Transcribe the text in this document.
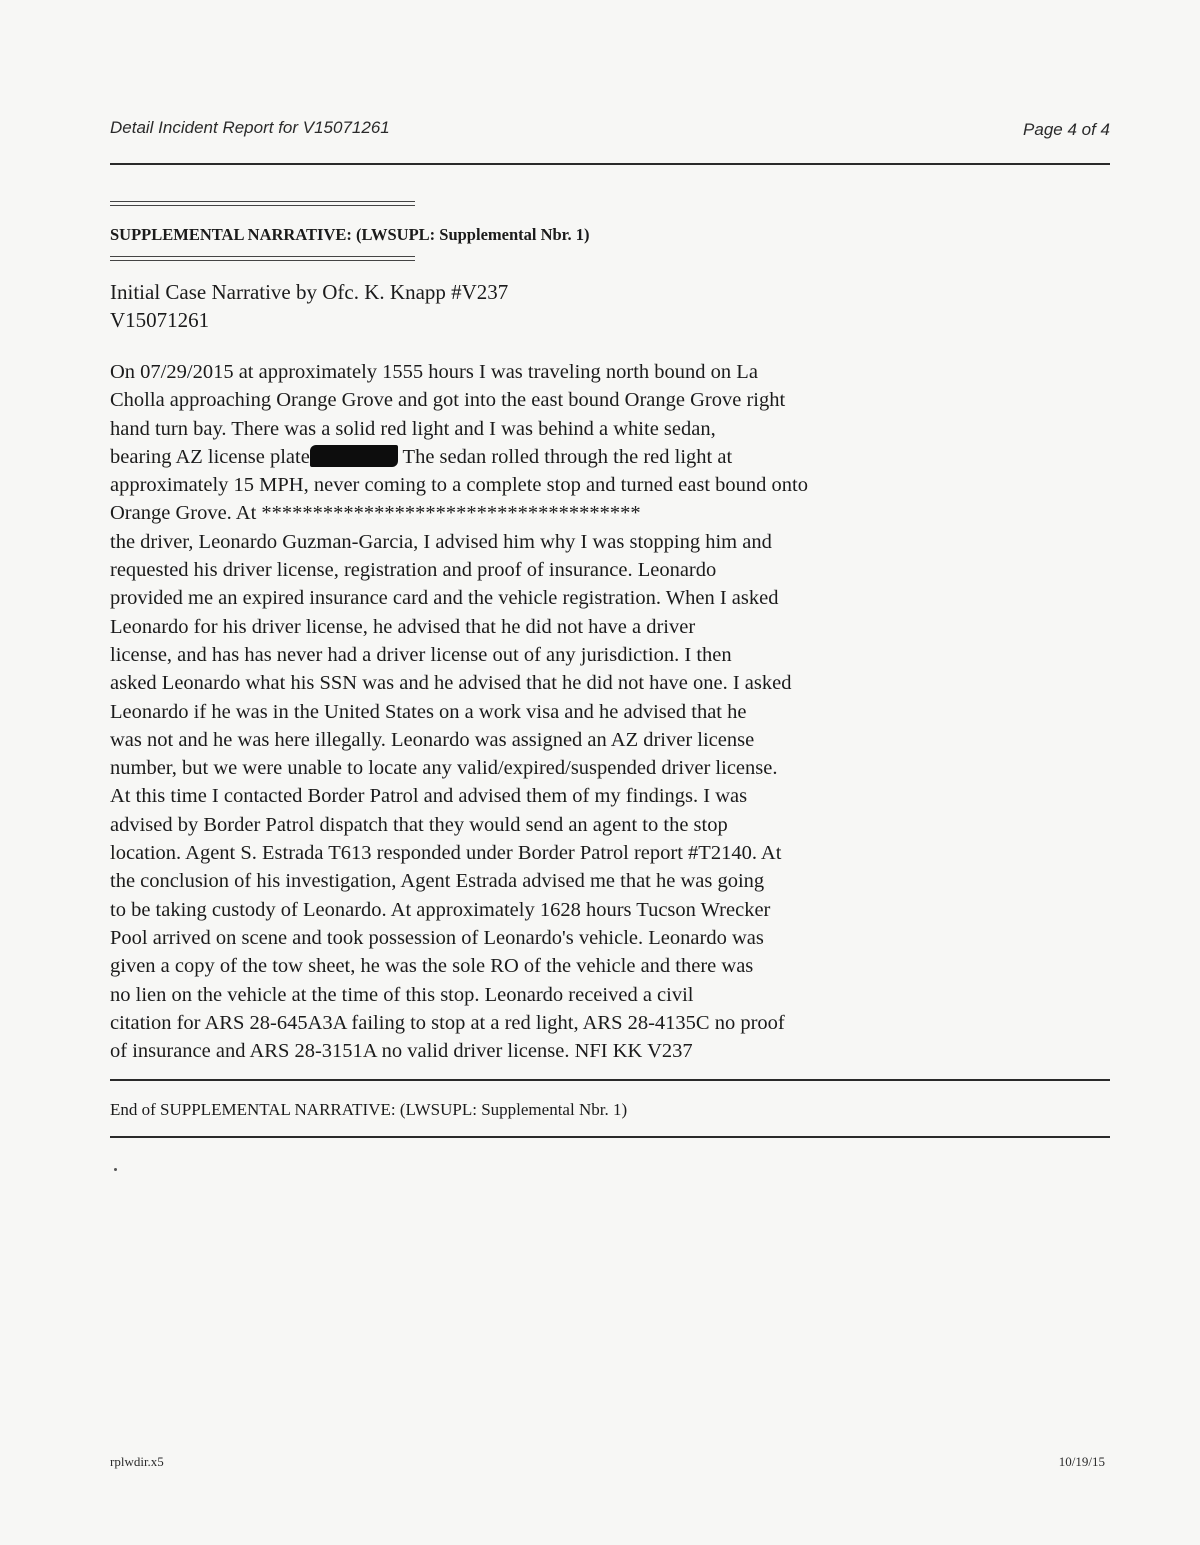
Detail Incident Report for V15071261	Page 4 of 4
SUPPLEMENTAL NARRATIVE: (LWSUPL: Supplemental Nbr. 1)
Initial Case Narrative by Ofc. K. Knapp #V237
V15071261
On 07/29/2015 at approximately 1555 hours I was traveling north bound on La
Cholla approaching Orange Grove and got into the east bound Orange Grove right
hand turn bay. There was a solid red light and I was behind a white sedan,
bearing AZ license plate	The sedan rolled through the red light at
approximately 15 MPH, never coming to a complete stop and turned east bound onto
Orange Grove. At *************************************
the driver, Leonardo Guzman-Garcia, I advised him why I was stopping him and
requested his driver license, registration and proof of insurance. Leonardo
provided me an expired insurance card and the vehicle registration. When I asked
Leonardo for his driver license, he advised that he did not have a driver
license, and has has never had a driver license out of any jurisdiction. I then
asked Leonardo what his SSN was and he advised that he did not have one. I asked
Leonardo if he was in the United States on a work visa and he advised that he
was not and he was here illegally. Leonardo was assigned an AZ driver license
number, but we were unable to locate any valid/expired/suspended driver license.
At this time I contacted Border Patrol and advised them of my findings. I was
advised by Border Patrol dispatch that they would send an agent to the stop
location. Agent S. Estrada T613 responded under Border Patrol report #T2140. At
the conclusion of his investigation, Agent Estrada advised me that he was going
to be taking custody of Leonardo. At approximately 1628 hours Tucson Wrecker
Pool arrived on scene and took possession of Leonardo's vehicle. Leonardo was
given a copy of the tow sheet, he was the sole RO of the vehicle and there was
no lien on the vehicle at the time of this stop. Leonardo received a civil
citation for ARS 28-645A3A failing to stop at a red light, ARS 28-4135C no proof
of insurance and ARS 28-3151A no valid driver license. NFI KK V237
End of SUPPLEMENTAL NARRATIVE: (LWSUPL: Supplemental Nbr. 1)
rplwdir.x5	10/19/15
